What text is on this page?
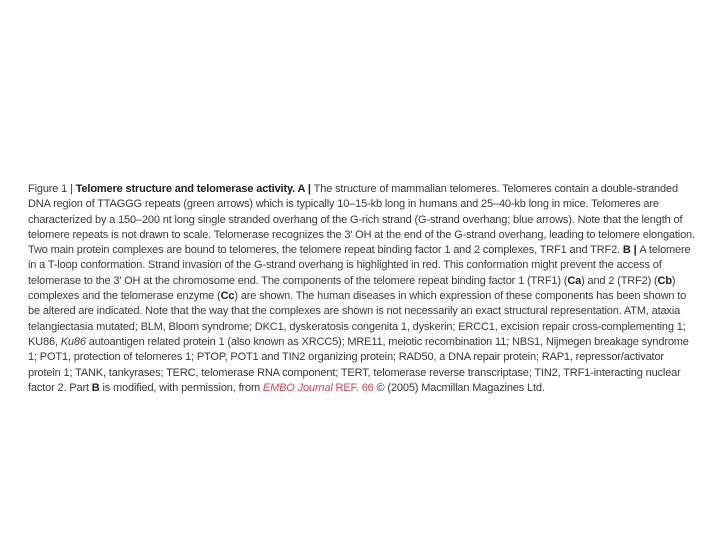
Figure 1 | Telomere structure and telomerase activity. A | The structure of mammalian telomeres. Telomeres contain a double-stranded DNA region of TTAGGG repeats (green arrows) which is typically 10–15-kb long in humans and 25–40-kb long in mice. Telomeres are characterized by a 150–200 nt long single stranded overhang of the G-rich strand (G-strand overhang; blue arrows). Note that the length of telomere repeats is not drawn to scale. Telomerase recognizes the 3′ OH at the end of the G-strand overhang, leading to telomere elongation. Two main protein complexes are bound to telomeres, the telomere repeat binding factor 1 and 2 complexes, TRF1 and TRF2. B | A telomere in a T-loop conformation. Strand invasion of the G-strand overhang is highlighted in red. This conformation might prevent the access of telomerase to the 3′ OH at the chromosome end. The components of the telomere repeat binding factor 1 (TRF1) (Ca) and 2 (TRF2) (Cb) complexes and the telomerase enzyme (Cc) are shown. The human diseases in which expression of these components has been shown to be altered are indicated. Note that the way that the complexes are shown is not necessarily an exact structural representation. ATM, ataxia telangiectasia mutated; BLM, Bloom syndrome; DKC1, dyskeratosis congenita 1, dyskerin; ERCC1, excision repair cross-complementing 1; KU86, Ku86 autoantigen related protein 1 (also known as XRCC5); MRE11, meiotic recombination 11; NBS1, Nijmegen breakage syndrome 1; POT1, protection of telomeres 1; PTOP, POT1 and TIN2 organizing protein; RAD50, a DNA repair protein; RAP1, repressor/activator protein 1; TANK, tankyrases; TERC, telomerase RNA component; TERT, telomerase reverse transcriptase; TIN2, TRF1-interacting nuclear factor 2. Part B is modified, with permission, from EMBO Journal REF. 66 © (2005) Macmillan Magazines Ltd.
